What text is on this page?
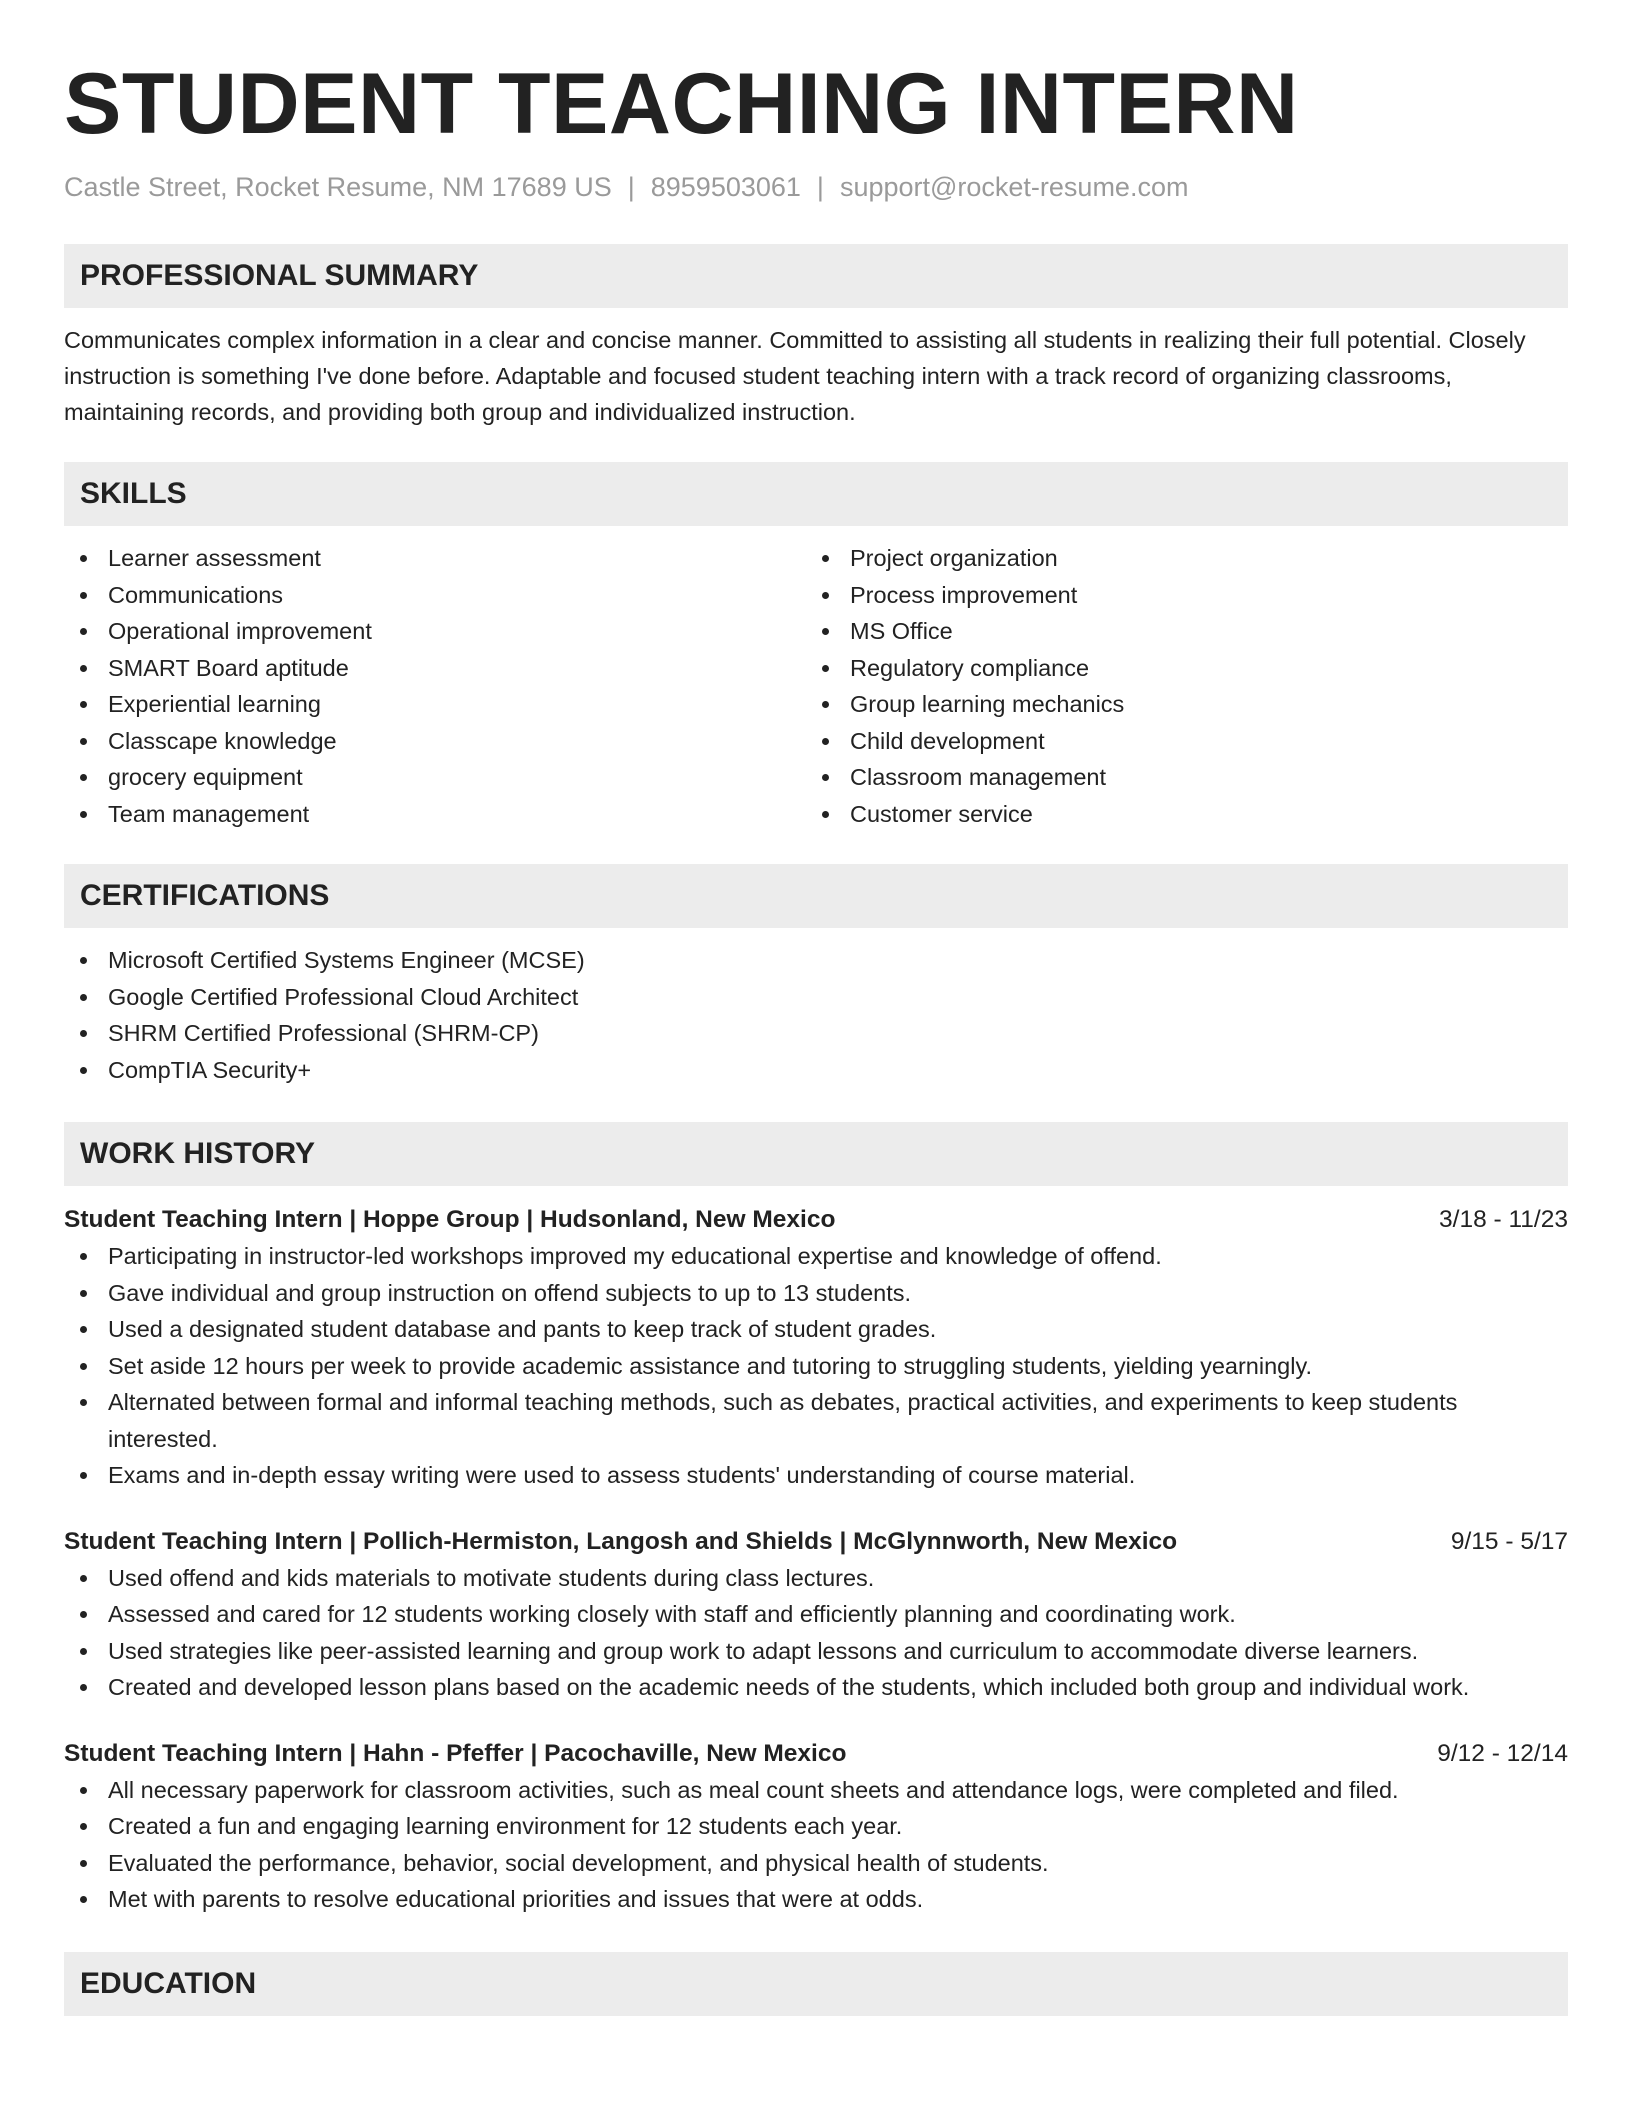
STUDENT TEACHING INTERN
Castle Street, Rocket Resume, NM 17689 US | 8959503061 | support@rocket-resume.com
PROFESSIONAL SUMMARY

Communicates complex information in a clear and concise manner. Committed to assisting all students in realizing their full potential. Closely instruction is something I've done before. Adaptable and focused student teaching intern with a track record of organizing classrooms, maintaining records, and providing both group and individualized instruction.

SKILLS
Learner assessment
Communications
Operational improvement
SMART Board aptitude
Experiential learning
Classcape knowledge
grocery equipment
Team management
Project organization
Process improvement
MS Office
Regulatory compliance
Group learning mechanics
Child development
Classroom management
Customer service
CERTIFICATIONS
Microsoft Certified Systems Engineer (MCSE)
Google Certified Professional Cloud Architect
SHRM Certified Professional (SHRM-CP)
CompTIA Security+
WORK HISTORY
Student Teaching Intern | Hoppe Group | Hudsonland, New Mexico	3/18 - 11/23
Participating in instructor-led workshops improved my educational expertise and knowledge of offend.
Gave individual and group instruction on offend subjects to up to 13 students.
Used a designated student database and pants to keep track of student grades.
Set aside 12 hours per week to provide academic assistance and tutoring to struggling students, yielding yearningly.
Alternated between formal and informal teaching methods, such as debates, practical activities, and experiments to keep students interested.
Exams and in-depth essay writing were used to assess students' understanding of course material.
Student Teaching Intern | Pollich-Hermiston, Langosh and Shields | McGlynnworth, New Mexico	9/15 - 5/17
Used offend and kids materials to motivate students during class lectures.
Assessed and cared for 12 students working closely with staff and efficiently planning and coordinating work.
Used strategies like peer-assisted learning and group work to adapt lessons and curriculum to accommodate diverse learners.
Created and developed lesson plans based on the academic needs of the students, which included both group and individual work.
Student Teaching Intern | Hahn - Pfeffer | Pacochaville, New Mexico	9/12 - 12/14
All necessary paperwork for classroom activities, such as meal count sheets and attendance logs, were completed and filed.
Created a fun and engaging learning environment for 12 students each year.
Evaluated the performance, behavior, social development, and physical health of students.
Met with parents to resolve educational priorities and issues that were at odds.
EDUCATION
